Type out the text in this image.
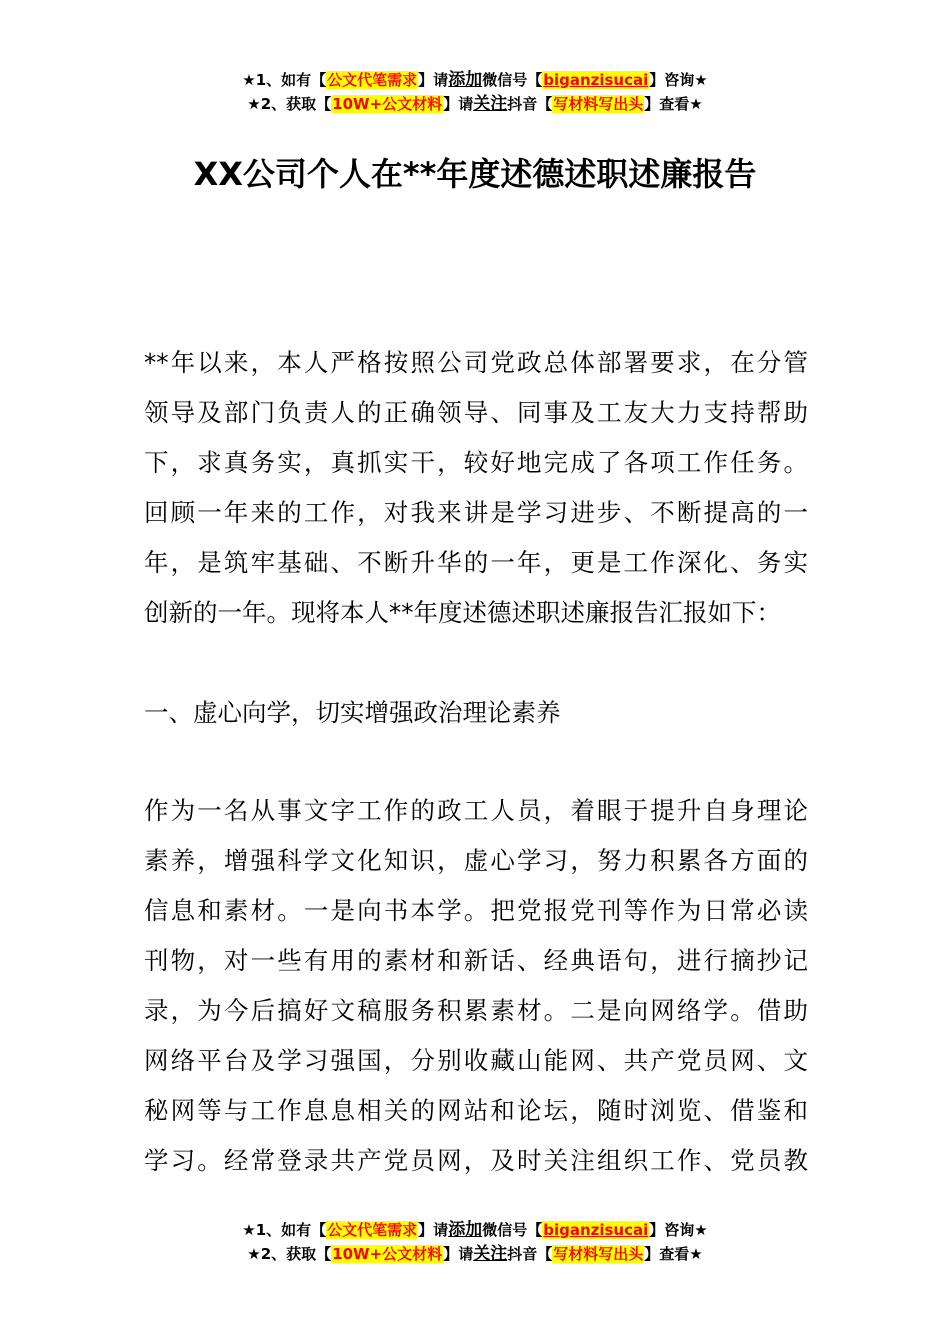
★1、如有【公文代笔需求】请添加微信号【biganzisucai】咨询★
★2、获取【10W+公文材料】请关注抖音【写材料写出头】查看★
XX公司个人在**年度述德述职述廉报告
**年以来，本人严格按照公司党政总体部署要求，在分管
领导及部门负责人的正确领导、同事及工友大力支持帮助
下，求真务实，真抓实干，较好地完成了各项工作任务。
回顾一年来的工作，对我来讲是学习进步、不断提高的一
年，是筑牢基础、不断升华的一年，更是工作深化、务实
创新的一年。现将本人**年度述德述职述廉报告汇报如下：
一、虚心向学，切实增强政治理论素养
作为一名从事文字工作的政工人员，着眼于提升自身理论
素养，增强科学文化知识，虚心学习，努力积累各方面的
信息和素材。一是向书本学。把党报党刊等作为日常必读
刊物，对一些有用的素材和新话、经典语句，进行摘抄记
录，为今后搞好文稿服务积累素材。二是向网络学。借助
网络平台及学习强国，分别收藏山能网、共产党员网、文
秘网等与工作息息相关的网站和论坛，随时浏览、借鉴和
学习。经常登录共产党员网，及时关注组织工作、党员教
★1、如有【公文代笔需求】请添加微信号【biganzisucai】咨询★
★2、获取【10W+公文材料】请关注抖音【写材料写出头】查看★
